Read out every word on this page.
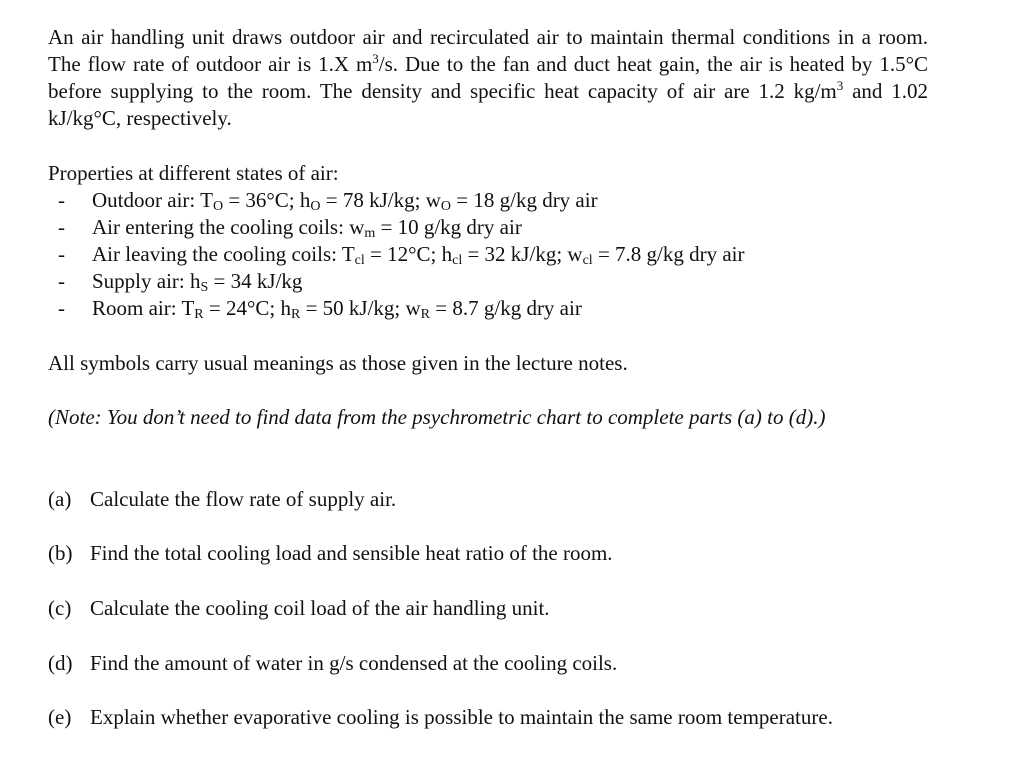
An air handling unit draws outdoor air and recirculated air to maintain thermal conditions in a room. The flow rate of outdoor air is 1.X $m^3/s$. Due to the fan and duct heat gain, the air is heated by 1.5°C before supplying to the room. The density and specific heat capacity of air are 1.2 $kg/m^3$ and 1.02 kJ/kg°C, respectively.
Properties at different states of air:
- Outdoor air: $T_O = 36^\circ C$; $h_O = 78$ kJ/kg; $w_O = 18$ g/kg dry air
- Air entering the cooling coils: $w_m = 10$ g/kg dry air
- Air leaving the cooling coils: $T_{cl} = 12^\circ C$; $h_{cl} = 32$ kJ/kg; $w_{cl} = 7.8$ g/kg dry air
- Supply air: $h_S = 34$ kJ/kg
- Room air: $T_R = 24^\circ C$; $h_R = 50$ kJ/kg; $w_R = 8.7$ g/kg dry air
All symbols carry usual meanings as those given in the lecture notes.
(Note: You don’t need to find data from the psychrometric chart to complete parts (a) to (d).)
(a) Calculate the flow rate of supply air.
(b) Find the total cooling load and sensible heat ratio of the room.
(c) Calculate the cooling coil load of the air handling unit.
(d) Find the amount of water in g/s condensed at the cooling coils.
(e) Explain whether evaporative cooling is possible to maintain the same room temperature.
